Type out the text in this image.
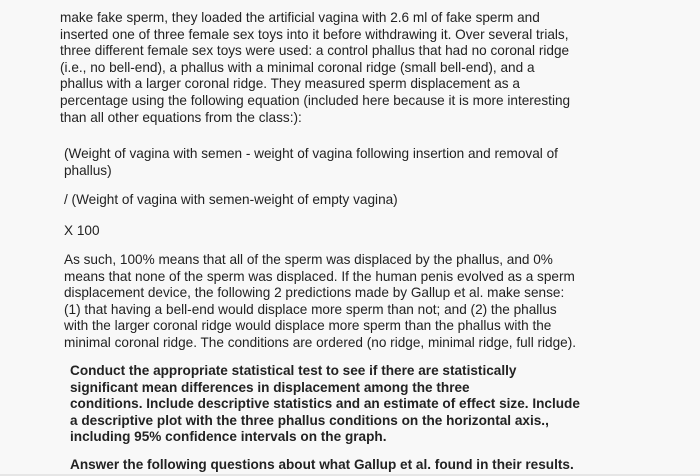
make fake sperm, they loaded the artificial vagina with 2.6 ml of fake sperm and
inserted one of three female sex toys into it before withdrawing it. Over several trials,
three different female sex toys were used: a control phallus that had no coronal ridge
(i.e., no bell-end), a phallus with a minimal coronal ridge (small bell-end), and a
phallus with a larger coronal ridge. They measured sperm displacement as a
percentage using the following equation (included here because it is more interesting
than all other equations from the class:):
(Weight of vagina with semen - weight of vagina following insertion and removal of
phallus)
/ (Weight of vagina with semen-weight of empty vagina)
X 100
As such, 100% means that all of the sperm was displaced by the phallus, and 0%
means that none of the sperm was displaced. If the human penis evolved as a sperm
displacement device, the following 2 predictions made by Gallup et al. make sense:
(1) that having a bell-end would displace more sperm than not; and (2) the phallus
with the larger coronal ridge would displace more sperm than the phallus with the
minimal coronal ridge. The conditions are ordered (no ridge, minimal ridge, full ridge).
Conduct the appropriate statistical test to see if there are statistically
significant mean differences in displacement among the three
conditions. Include descriptive statistics and an estimate of effect size. Include
a descriptive plot with the three phallus conditions on the horizontal axis.,
including 95% confidence intervals on the graph.
Answer the following questions about what Gallup et al. found in their results.
